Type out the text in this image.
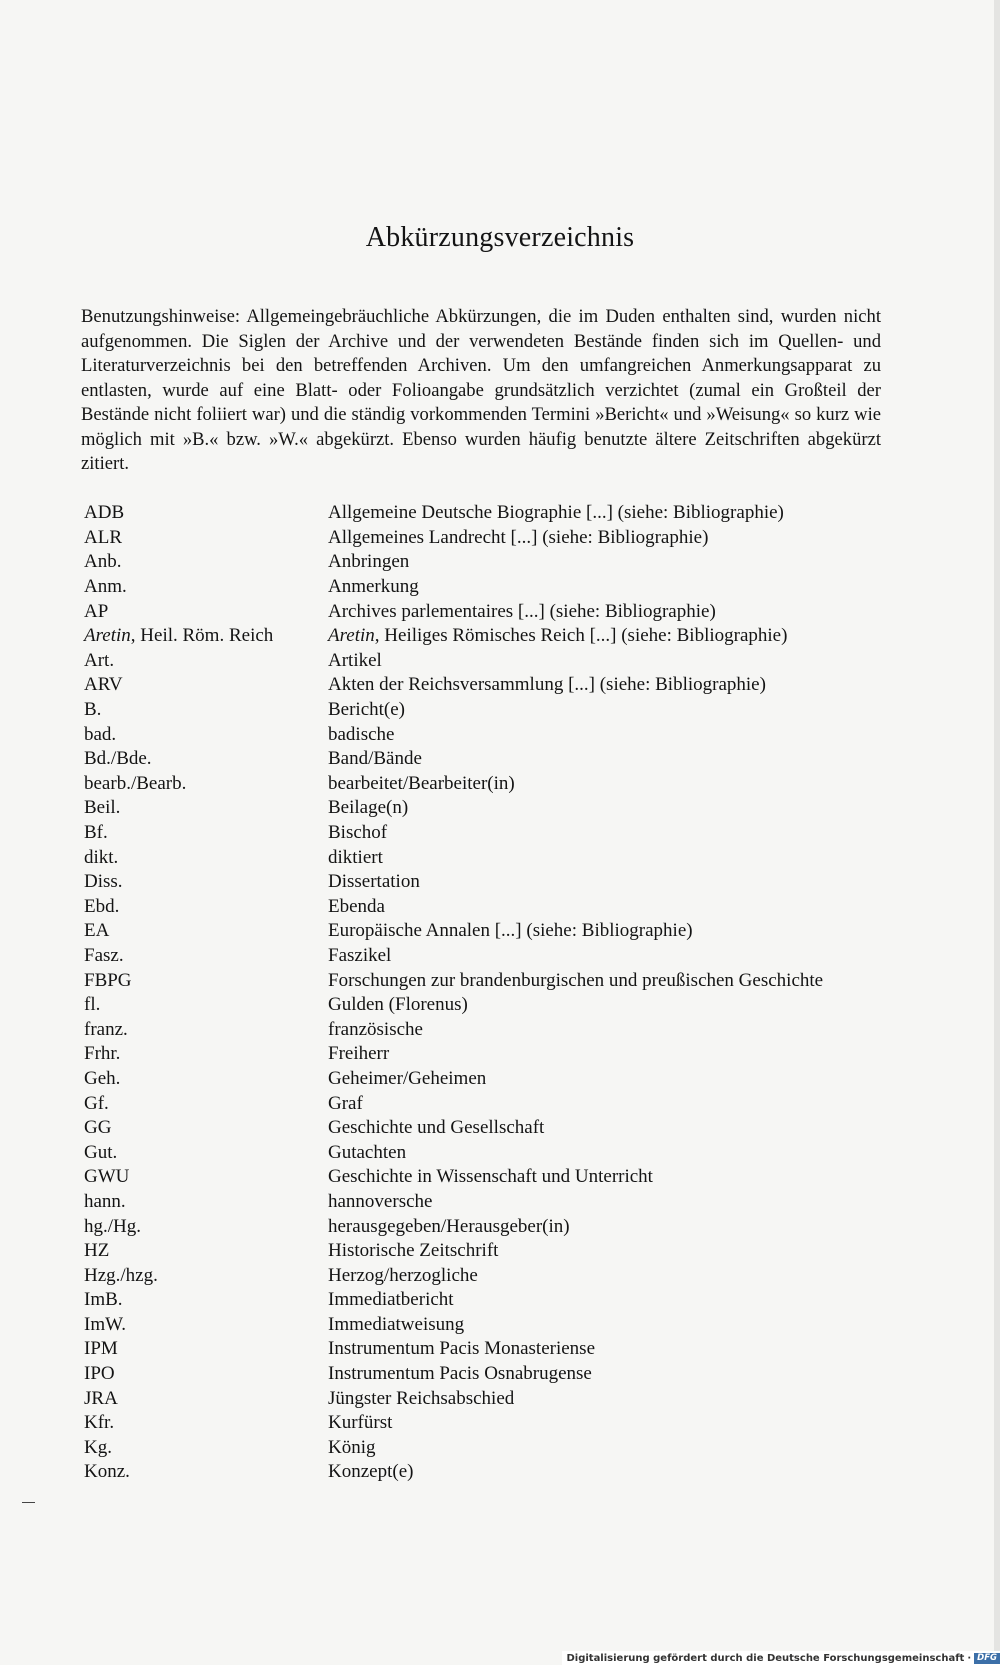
Abkürzungsverzeichnis

Benutzungshinweise: Allgemeingebräuchliche Abkürzungen, die im Duden enthalten sind, wurden nicht aufgenommen. Die Siglen der Archive und der verwendeten Bestände finden sich im Quellen- und Literaturverzeichnis bei den betreffenden Archiven. Um den umfangreichen Anmerkungsapparat zu entlasten, wurde auf eine Blatt- oder Folioangabe grundsätzlich verzichtet (zumal ein Großteil der Bestände nicht foliiert war) und die ständig vorkommenden Termini »Bericht« und »Weisung« so kurz wie möglich mit »B.« bzw. »W.« abgekürzt. Ebenso wurden häufig benutzte ältere Zeitschriften abgekürzt zitiert.

ADB	Allgemeine Deutsche Biographie [...] (siehe: Bibliographie)
ALR	Allgemeines Landrecht [...] (siehe: Bibliographie)
Anb.	Anbringen
Anm.	Anmerkung
AP	Archives parlementaires [...] (siehe: Bibliographie)
Aretin, Heil. Röm. Reich	Aretin, Heiliges Römisches Reich [...] (siehe: Bibliographie)
Art.	Artikel
ARV	Akten der Reichsversammlung [...] (siehe: Bibliographie)
B.	Bericht(e)
bad.	badische
Bd./Bde.	Band/Bände
bearb./Bearb.	bearbeitet/Bearbeiter(in)
Beil.	Beilage(n)
Bf.	Bischof
dikt.	diktiert
Diss.	Dissertation
Ebd.	Ebenda
EA	Europäische Annalen [...] (siehe: Bibliographie)
Fasz.	Faszikel
FBPG	Forschungen zur brandenburgischen und preußischen Geschichte
fl.	Gulden (Florenus)
franz.	französische
Frhr.	Freiherr
Geh.	Geheimer/Geheimen
Gf.	Graf
GG	Geschichte und Gesellschaft
Gut.	Gutachten
GWU	Geschichte in Wissenschaft und Unterricht
hann.	hannoversche
hg./Hg.	herausgegeben/Herausgeber(in)
HZ	Historische Zeitschrift
Hzg./hzg.	Herzog/herzogliche
ImB.	Immediatbericht
ImW.	Immediatweisung
IPM	Instrumentum Pacis Monasteriense
IPO	Instrumentum Pacis Osnabrugense
JRA	Jüngster Reichsabschied
Kfr.	Kurfürst
Kg.	König
Konz.	Konzept(e)
Digitalisierung gefördert durch die Deutsche Forschungsgemeinschaft · DFG
